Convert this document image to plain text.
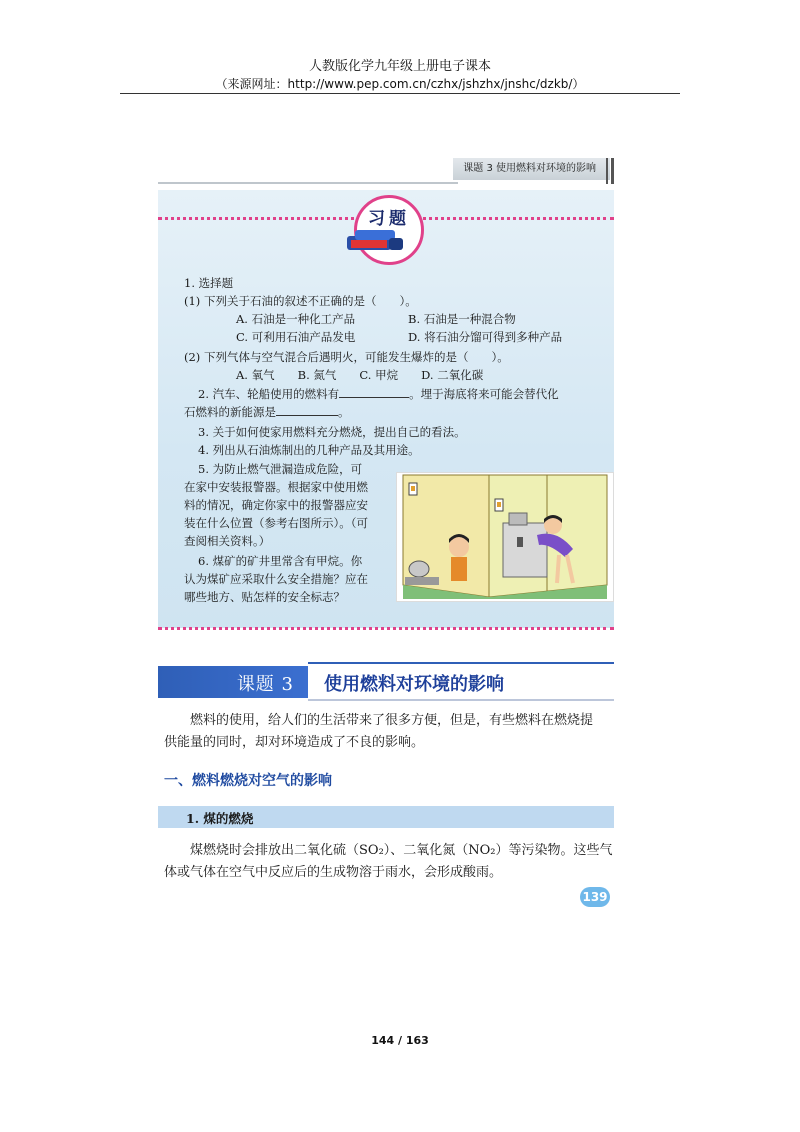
人教版化学九年级上册电子课本
（来源网址：http://www.pep.com.cn/czhx/jshzhx/jnshc/dzkb/）
课题 3 使用燃料对环境的影响
习题
1. 选择题
(1) 下列关于石油的叙述不正确的是（　　）。
A. 石油是一种化工产品	B. 石油是一种混合物
C. 可利用石油产品发电	D. 将石油分馏可得到多种产品
(2) 下列气体与空气混合后遇明火，可能发生爆炸的是（　　）。
A. 氧气　　B. 氮气　　C. 甲烷　　D. 二氧化碳
2. 汽车、轮船使用的燃料有	。埋于海底将来可能会替代化
石燃料的新能源是	。
3. 关于如何使家用燃料充分燃烧，提出自己的看法。
4. 列出从石油炼制出的几种产品及其用途。
5. 为防止燃气泄漏造成危险，可
在家中安装报警器。根据家中使用燃
料的情况，确定你家中的报警器应安
装在什么位置（参考右图所示）。（可
查阅相关资料。）
6. 煤矿的矿井里常含有甲烷。你
认为煤矿应采取什么安全措施？应在
哪些地方、贴怎样的安全标志？
课题 3 使用燃料对环境的影响
燃料的使用，给人们的生活带来了很多方便，但是，有些燃料在燃烧提
供能量的同时，却对环境造成了不良的影响。
一、燃料燃烧对空气的影响
1. 煤的燃烧
煤燃烧时会排放出二氧化硫（SO₂）、二氧化氮（NO₂）等污染物。这些气
体或气体在空气中反应后的生成物溶于雨水，会形成酸雨。
139
144 / 163
